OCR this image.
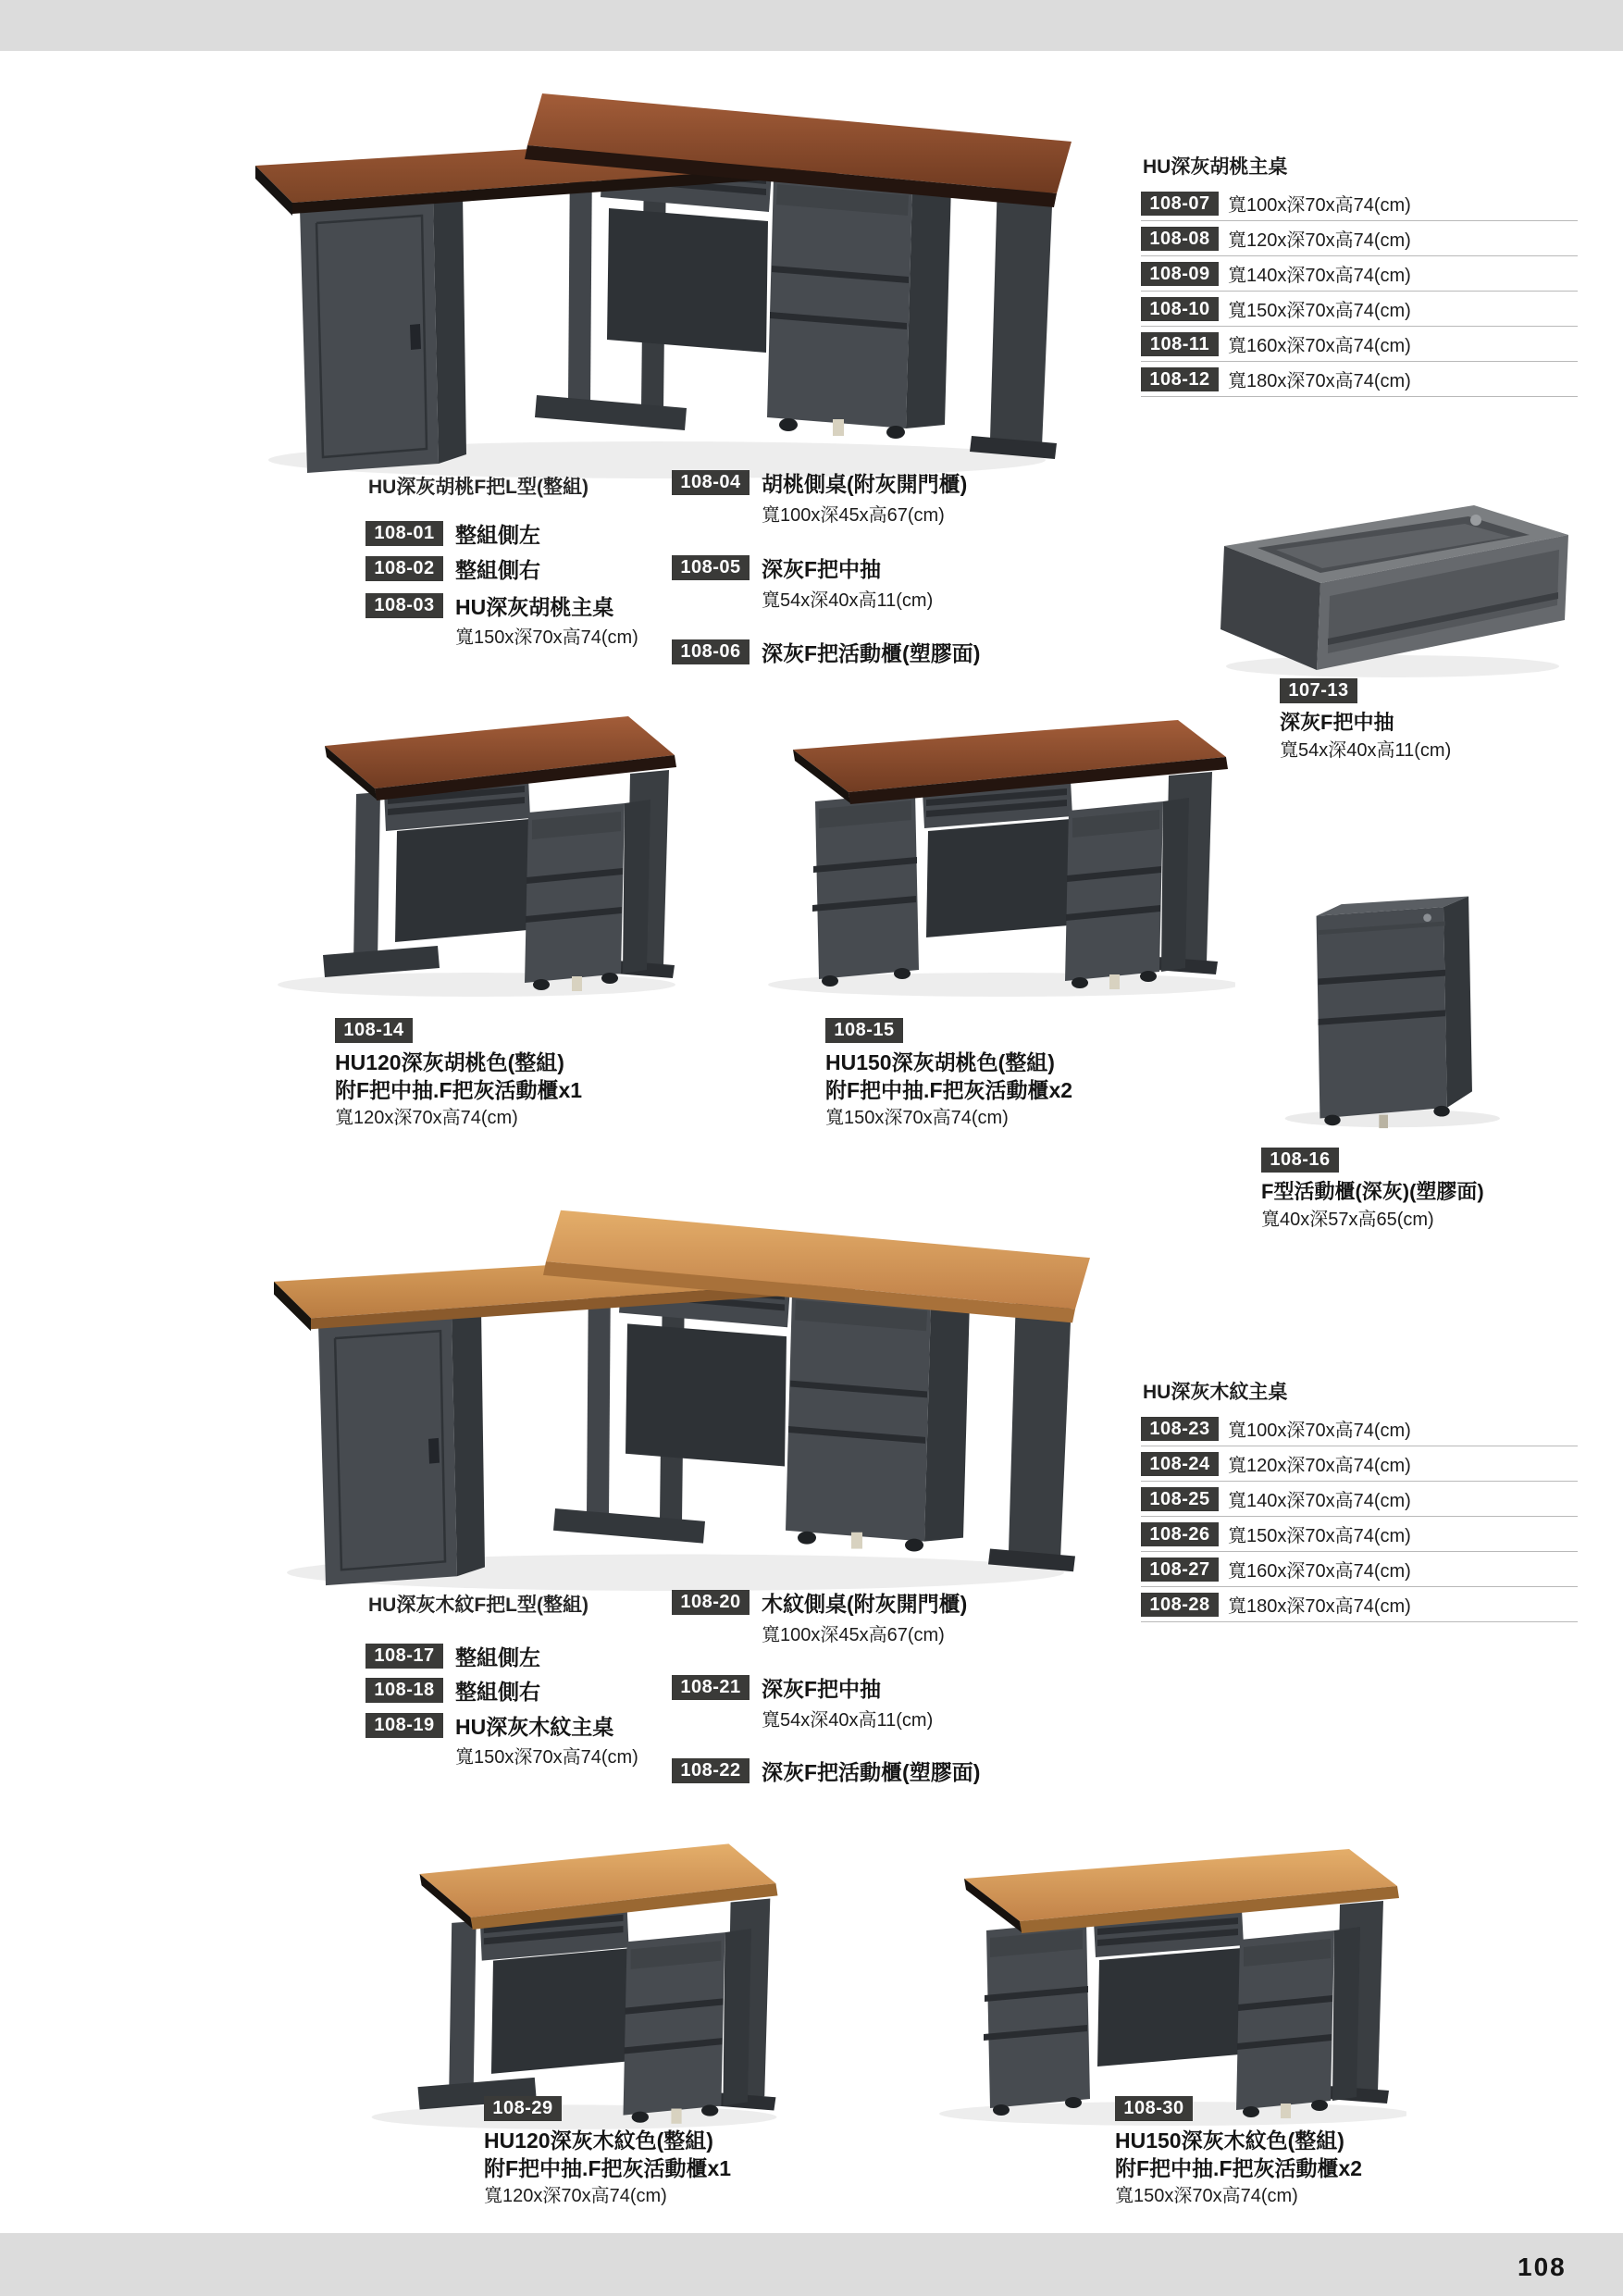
HU深灰胡桃主桌
108-07 寬100x深70x高74(cm)
108-08 寬120x深70x高74(cm)
108-09 寬140x深70x高74(cm)
108-10 寬150x深70x高74(cm)
108-11 寬160x深70x高74(cm)
108-12 寬180x深70x高74(cm)
HU深灰胡桃F把L型(整組)
108-01 整組側左
108-02 整組側右
108-03 HU深灰胡桃主桌
寬150x深70x高74(cm)
108-04 胡桃側桌(附灰開門櫃)
寬100x深45x高67(cm)
108-05 深灰F把中抽
寬54x深40x高11(cm)
108-06 深灰F把活動櫃(塑膠面)
107-13
深灰F把中抽
寬54x深40x高11(cm)
108-14
HU120深灰胡桃色(整組)
附F把中抽.F把灰活動櫃x1
寬120x深70x高74(cm)
108-15
HU150深灰胡桃色(整組)
附F把中抽.F把灰活動櫃x2
寬150x深70x高74(cm)
108-16
F型活動櫃(深灰)(塑膠面)
寬40x深57x高65(cm)
HU深灰木紋主桌
108-23 寬100x深70x高74(cm)
108-24 寬120x深70x高74(cm)
108-25 寬140x深70x高74(cm)
108-26 寬150x深70x高74(cm)
108-27 寬160x深70x高74(cm)
108-28 寬180x深70x高74(cm)
HU深灰木紋F把L型(整組)
108-17 整組側左
108-18 整組側右
108-19 HU深灰木紋主桌
寬150x深70x高74(cm)
108-20 木紋側桌(附灰開門櫃)
寬100x深45x高67(cm)
108-21 深灰F把中抽
寬54x深40x高11(cm)
108-22 深灰F把活動櫃(塑膠面)
108-29
HU120深灰木紋色(整組)
附F把中抽.F把灰活動櫃x1
寬120x深70x高74(cm)
108-30
HU150深灰木紋色(整組)
附F把中抽.F把灰活動櫃x2
寬150x深70x高74(cm)
108
